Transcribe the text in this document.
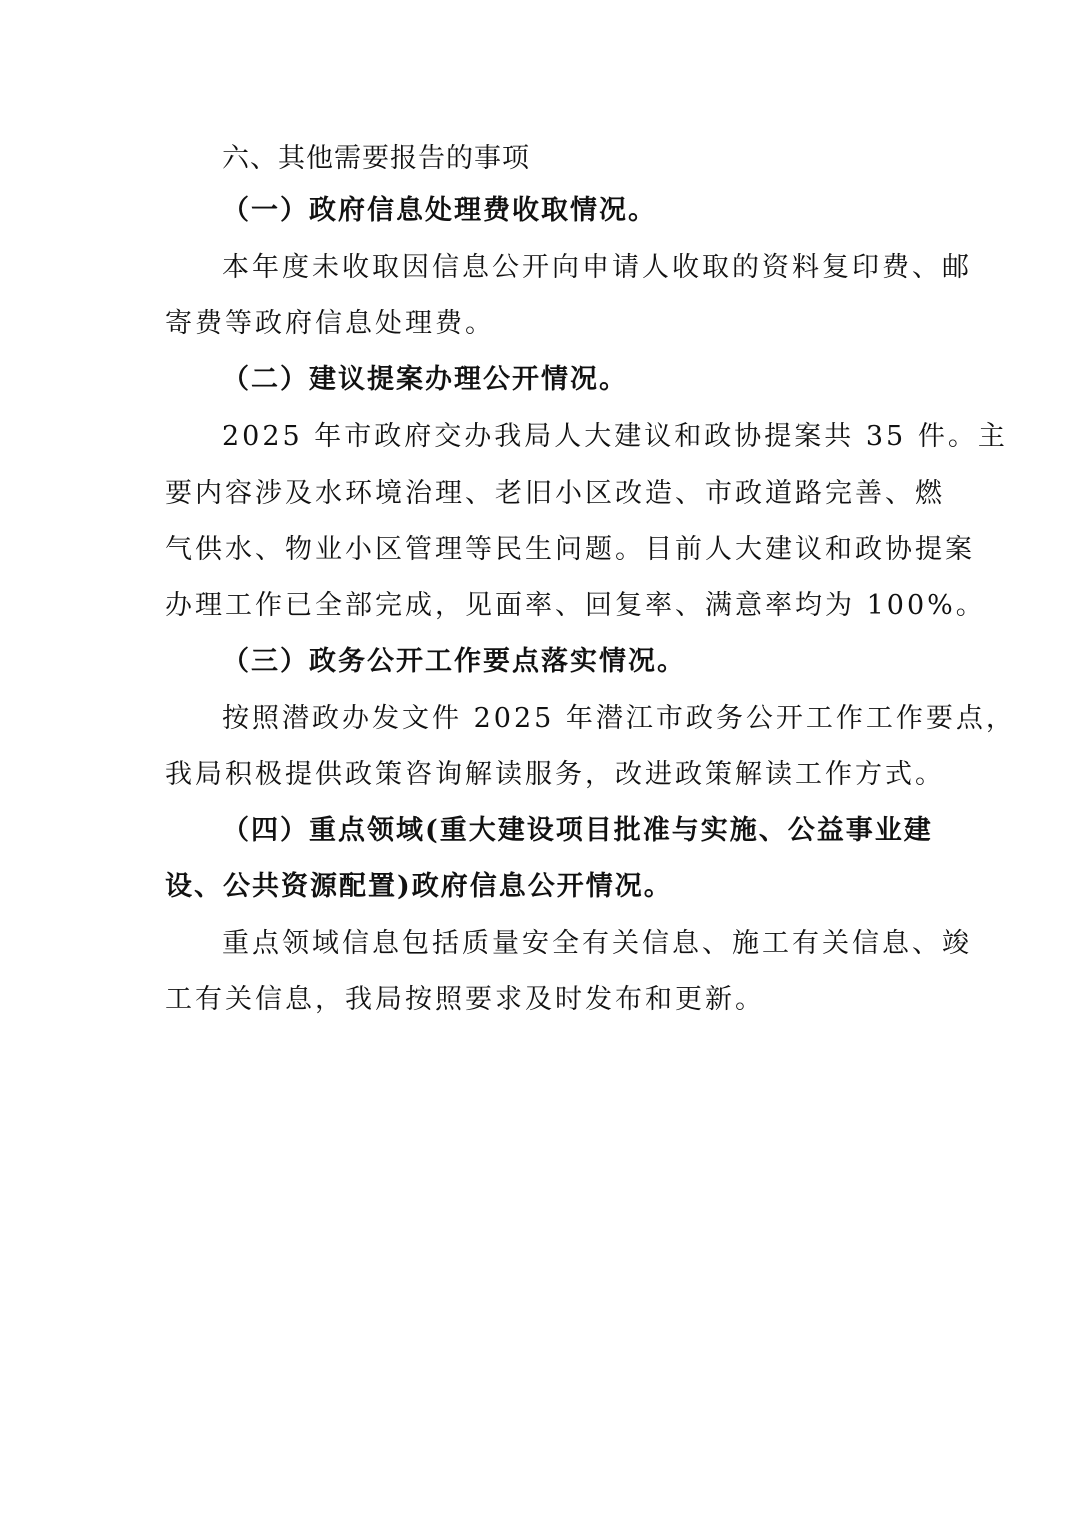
六、其他需要报告的事项
（一）政府信息处理费收取情况。
本年度未收取因信息公开向申请人收取的资料复印费、邮
寄费等政府信息处理费。
（二）建议提案办理公开情况。
2025 年市政府交办我局人大建议和政协提案共 35 件。主
要内容涉及水环境治理、老旧小区改造、市政道路完善、燃
气供水、物业小区管理等民生问题。目前人大建议和政协提案
办理工作已全部完成，见面率、回复率、满意率均为 100%。
（三）政务公开工作要点落实情况。
按照潜政办发文件 2025 年潜江市政务公开工作工作要点，
我局积极提供政策咨询解读服务，改进政策解读工作方式。
（四）重点领域(重大建设项目批准与实施、公益事业建
设、公共资源配置)政府信息公开情况。
重点领域信息包括质量安全有关信息、施工有关信息、竣
工有关信息，我局按照要求及时发布和更新。
